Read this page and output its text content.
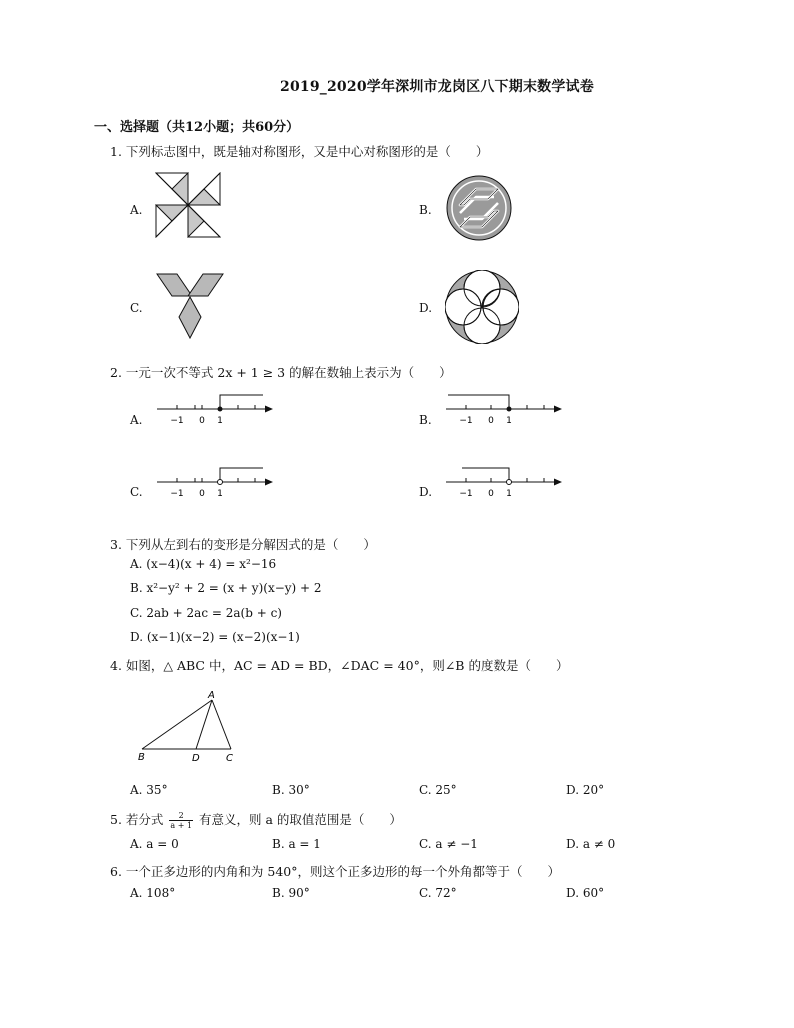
2019_2020学年深圳市龙岗区八下期末数学试卷
一、选择题（共12小题；共60分）
1. 下列标志图中，既是轴对称图形，又是中心对称图形的是（　　）
A.	B.
C.	D.
2. 一元一次不等式 2x + 1 ≥ 3 的解在数轴上表示为（　　）
A.	−1 0 1	B.	−1 0 1
C.	−1 0 1	D.	−1 0 1
3. 下列从左到右的变形是分解因式的是（　　）
A. (x−4)(x + 4) = x²−16
B. x²−y² + 2 = (x + y)(x−y) + 2
C. 2ab + 2ac = 2a(b + c)
D. (x−1)(x−2) = (x−2)(x−1)
4. 如图，△ ABC 中，AC = AD = BD，∠DAC = 40°，则∠B 的度数是（　　）
A
B	D	C
A. 35°	B. 30°	C. 25°	D. 20°
5. 若分式 $\frac{2}{a + 1}$ 有意义，则 a 的取值范围是（　　）
A. a = 0	B. a = 1	C. a ≠ −1	D. a ≠ 0
6. 一个正多边形的内角和为 540°，则这个正多边形的每一个外角都等于（　　）
A. 108°	B. 90°	C. 72°	D. 60°
